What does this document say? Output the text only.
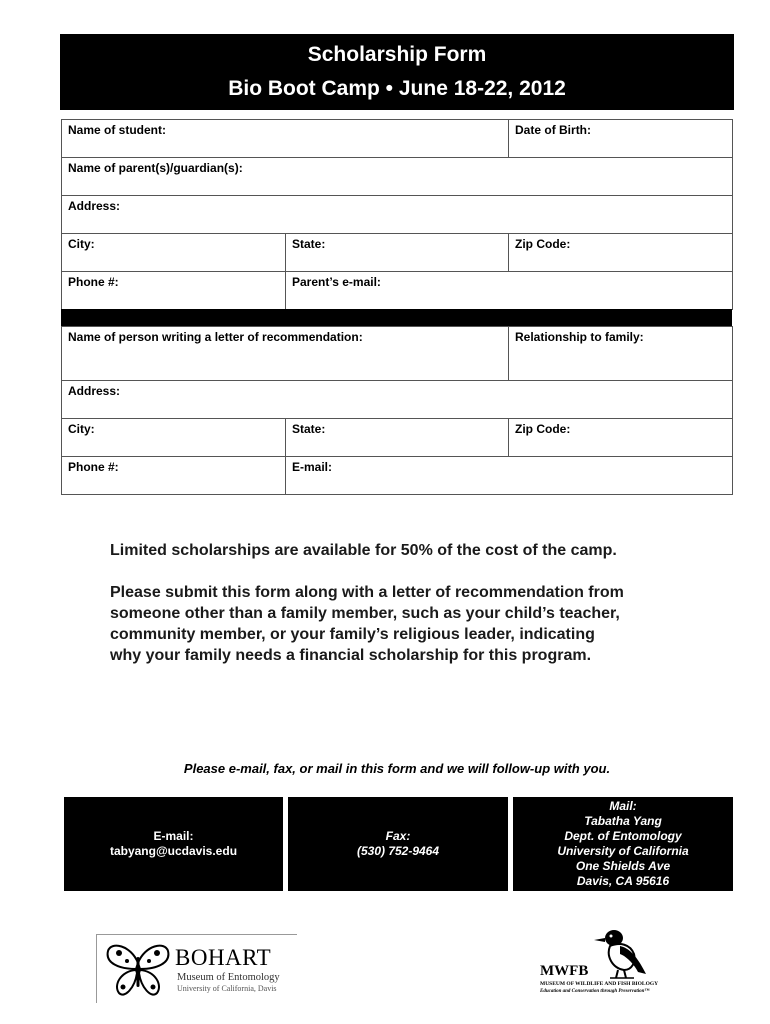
Scholarship Form
Bio Boot Camp • June 18-22, 2012
Name of student:		Date of Birth:
Name of parent(s)/guardian(s):		
Address:		
City:	State:	Zip Code:
Phone #:	Parent’s e-mail:	
Name of person writing a letter of recommendation:		Relationship to family:
Address:		
City:	State:	Zip Code:
Phone #:	E-mail:	
Limited scholarships are available for 50% of the cost of the camp.
Please submit this form along with a letter of recommendation from
someone other than a family member, such as your child’s teacher,
community member, or your family’s religious leader, indicating
why your family needs a financial scholarship for this program.
Please e-mail, fax, or mail in this form and we will follow-up with you.
E-mail:
tabyang@ucdavis.edu
Fax:
(530) 752-9464
Mail:
Tabatha Yang
Dept. of Entomology
University of California
One Shields Ave
Davis, CA 95616
BOHART
Museum of Entomology
University of California, Davis
MWFB
MUSEUM OF WILDLIFE AND FISH BIOLOGY
Education and Conservation through Preservation™
